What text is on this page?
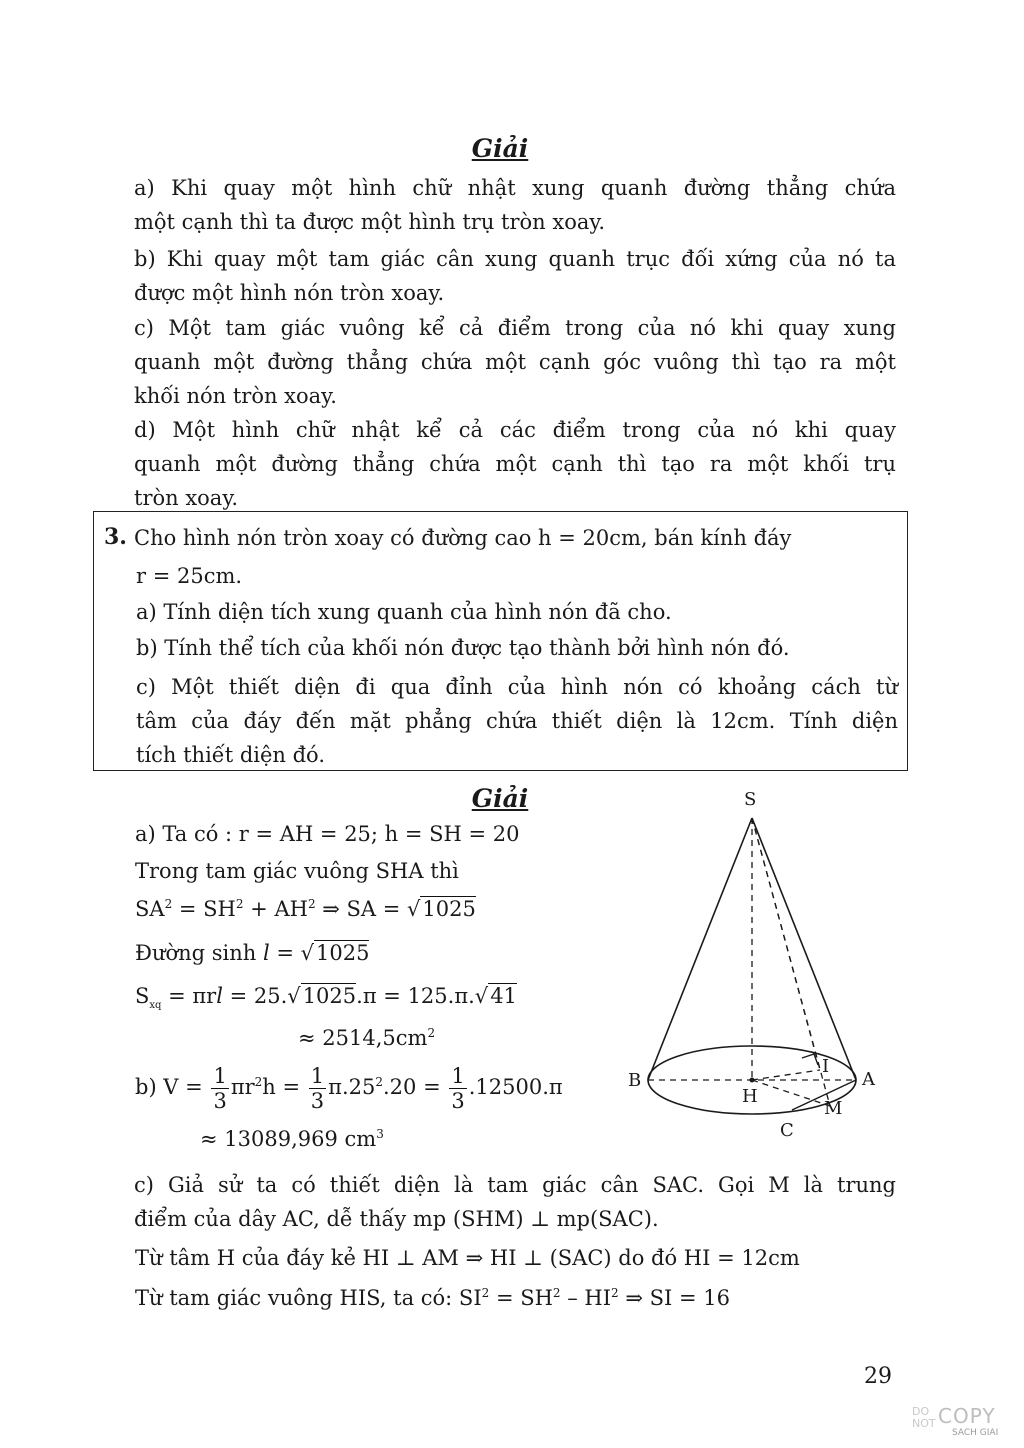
Giải
a) Khi quay một hình chữ nhật xung quanh đường thẳng chứa
một cạnh thì ta được một hình trụ tròn xoay.
b) Khi quay một tam giác cân xung quanh trục đối xứng của nó ta
được một hình nón tròn xoay.
c) Một tam giác vuông kể cả điểm trong của nó khi quay xung
quanh một đường thẳng chứa một cạnh góc vuông thì tạo ra một
khối nón tròn xoay.
d) Một hình chữ nhật kể cả các điểm trong của nó khi quay
quanh một đường thẳng chứa một cạnh thì tạo ra một khối trụ
tròn xoay.
3. Cho hình nón tròn xoay có đường cao h = 20cm, bán kính đáy
r = 25cm.
a) Tính diện tích xung quanh của hình nón đã cho.
b) Tính thể tích của khối nón được tạo thành bởi hình nón đó.
c) Một thiết diện đi qua đỉnh của hình nón có khoảng cách từ
tâm của đáy đến mặt phẳng chứa thiết diện là 12cm. Tính diện
tích thiết diện đó.
Giải
a) Ta có : r = AH = 25; h = SH = 20
Trong tam giác vuông SHA thì
$SA^2 = SH^2 + AH^2$ ⇒ SA = √1025
Đường sinh l = √1025
$S_{xq} = \pi rl = 25.√1025.\pi = 125.\pi.√41$
≈ $2514,5cm^2$
b) $V = \frac{1}{3} \pi r^2h = \frac{1}{3} \pi.25^2.20 = \frac{1}{3} .12500.\pi$
≈ 13089,969 $cm^3$
c) Giả sử ta có thiết diện là tam giác cân SAC. Gọi M là trung
điểm của dây AC, dễ thấy mp (SHM) ⊥ mp(SAC).
Từ tâm H của đáy kẻ HI ⊥ AM ⇒ HI ⊥ (SAC) do đó HI = 12cm
Từ tam giác vuông HIS, ta có: $SI^2 = SH^2 - HI^2$ ⇒ SI = 16
S
B	A
H
I
M
C
29
DO
NOT COPY
SACH GIAI
